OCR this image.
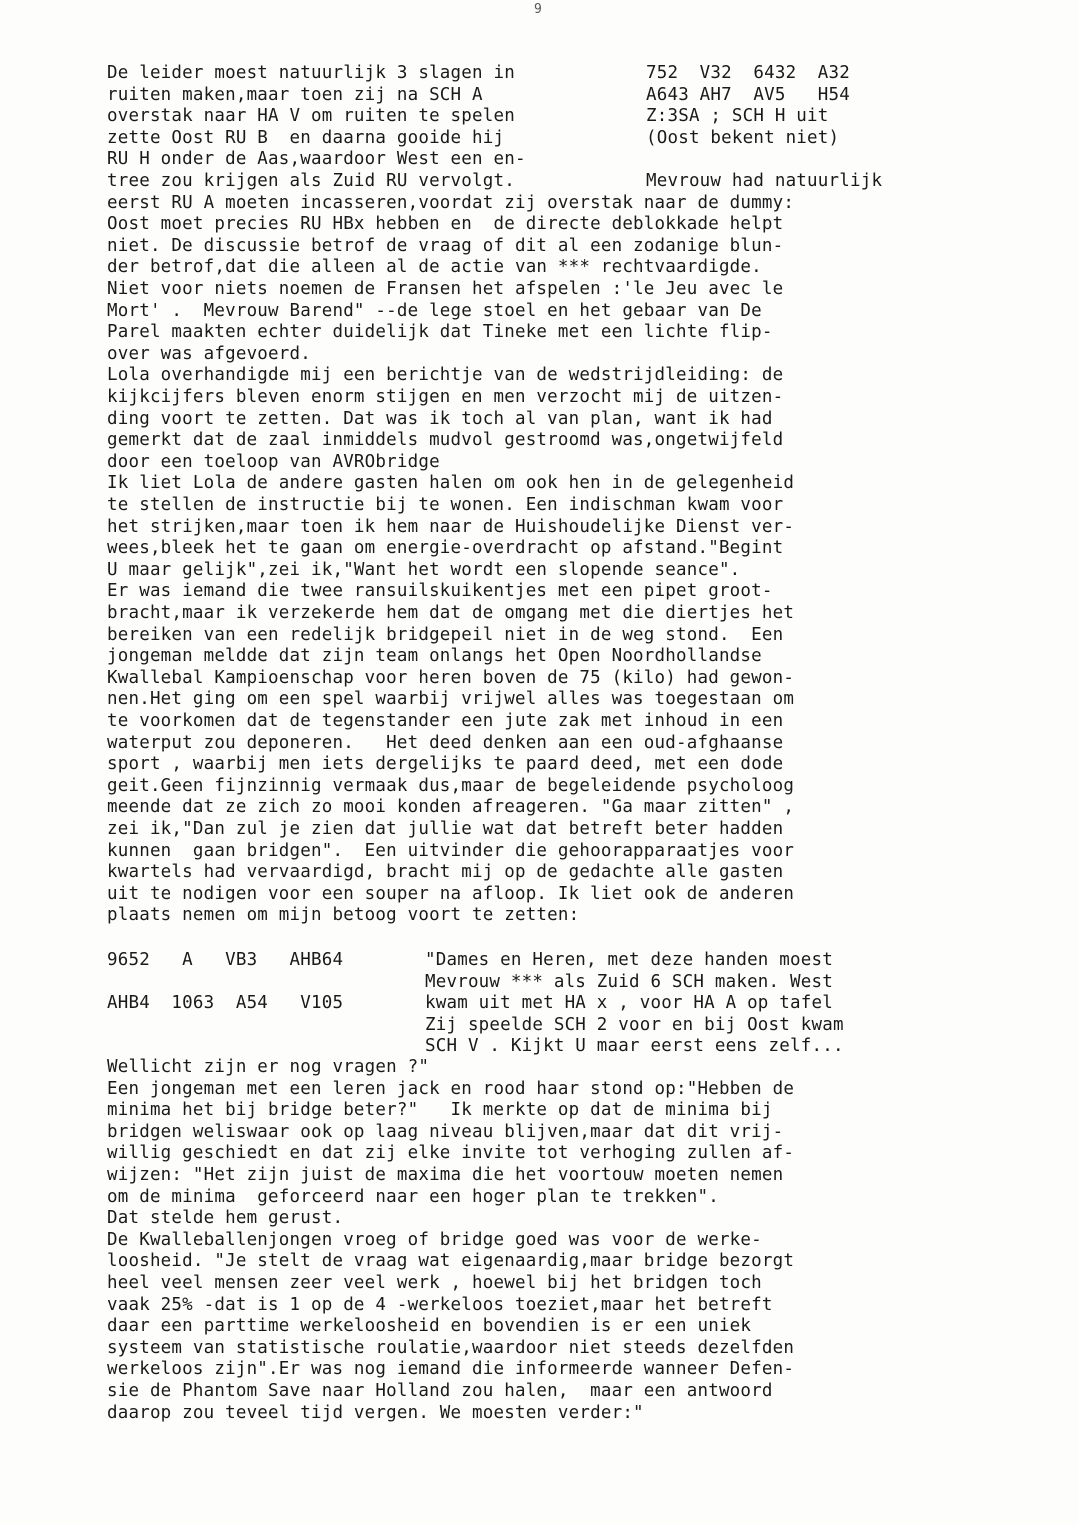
9
De leider moest natuurlijk 3 slagen in
ruiten maken,maar toen zij na SCH A
overstak naar HA V om ruiten te spelen
zette Oost RU B  en daarna gooide hij
RU H onder de Aas,waardoor West een en-
tree zou krijgen als Zuid RU vervolgt.
752  V32  6432  A32
A643 AH7  AV5   H54
Z:3SA ; SCH H uit
(Oost bekent niet)
Mevrouw had natuurlijk
eerst RU A moeten incasseren,voordat zij overstak naar de dummy:
Oost moet precies RU HBx hebben en  de directe deblokkade helpt
niet. De discussie betrof de vraag of dit al een zodanige blun-
der betrof,dat die alleen al de actie van *** rechtvaardigde.
Niet voor niets noemen de Fransen het afspelen :'le Jeu avec le
Mort' .  Mevrouw Barend" --de lege stoel en het gebaar van De
Parel maakten echter duidelijk dat Tineke met een lichte flip-
over was afgevoerd.
Lola overhandigde mij een berichtje van de wedstrijdleiding: de
kijkcijfers bleven enorm stijgen en men verzocht mij de uitzen-
ding voort te zetten. Dat was ik toch al van plan, want ik had
gemerkt dat de zaal inmiddels mudvol gestroomd was,ongetwijfeld
door een toeloop van AVRObridge
Ik liet Lola de andere gasten halen om ook hen in de gelegenheid
te stellen de instructie bij te wonen. Een indischman kwam voor
het strijken,maar toen ik hem naar de Huishoudelijke Dienst ver-
wees,bleek het te gaan om energie-overdracht op afstand."Begint
U maar gelijk",zei ik,"Want het wordt een slopende seance".
Er was iemand die twee ransuilskuikentjes met een pipet groot-
bracht,maar ik verzekerde hem dat de omgang met die diertjes het
bereiken van een redelijk bridgepeil niet in de weg stond.  Een
jongeman meldde dat zijn team onlangs het Open Noordhollandse
Kwallebal Kampioenschap voor heren boven de 75 (kilo) had gewon-
nen.Het ging om een spel waarbij vrijwel alles was toegestaan om
te voorkomen dat de tegenstander een jute zak met inhoud in een
waterput zou deponeren.   Het deed denken aan een oud-afghaanse
sport , waarbij men iets dergelijks te paard deed, met een dode
geit.Geen fijnzinnig vermaak dus,maar de begeleidende psycholoog
meende dat ze zich zo mooi konden afreageren. "Ga maar zitten" ,
zei ik,"Dan zul je zien dat jullie wat dat betreft beter hadden
kunnen  gaan bridgen".  Een uitvinder die gehoorapparaatjes voor
kwartels had vervaardigd, bracht mij op de gedachte alle gasten
uit te nodigen voor een souper na afloop. Ik liet ook de anderen
plaats nemen om mijn betoog voort te zetten:
9652   A   VB3   AHB64
AHB4  1063  A54   V105
"Dames en Heren, met deze handen moest
Mevrouw *** als Zuid 6 SCH maken. West
kwam uit met HA x , voor HA A op tafel
Zij speelde SCH 2 voor en bij Oost kwam
SCH V . Kijkt U maar eerst eens zelf...
Wellicht zijn er nog vragen ?"
Een jongeman met een leren jack en rood haar stond op:"Hebben de
minima het bij bridge beter?"   Ik merkte op dat de minima bij
bridgen weliswaar ook op laag niveau blijven,maar dat dit vrij-
willig geschiedt en dat zij elke invite tot verhoging zullen af-
wijzen: "Het zijn juist de maxima die het voortouw moeten nemen
om de minima  geforceerd naar een hoger plan te trekken".
Dat stelde hem gerust.
De Kwalleballenjongen vroeg of bridge goed was voor de werke-
loosheid. "Je stelt de vraag wat eigenaardig,maar bridge bezorgt
heel veel mensen zeer veel werk , hoewel bij het bridgen toch
vaak 25% -dat is 1 op de 4 -werkeloos toeziet,maar het betreft
daar een parttime werkeloosheid en bovendien is er een uniek
systeem van statistische roulatie,waardoor niet steeds dezelfden
werkeloos zijn".Er was nog iemand die informeerde wanneer Defen-
sie de Phantom Save naar Holland zou halen,  maar een antwoord
daarop zou teveel tijd vergen. We moesten verder:"
